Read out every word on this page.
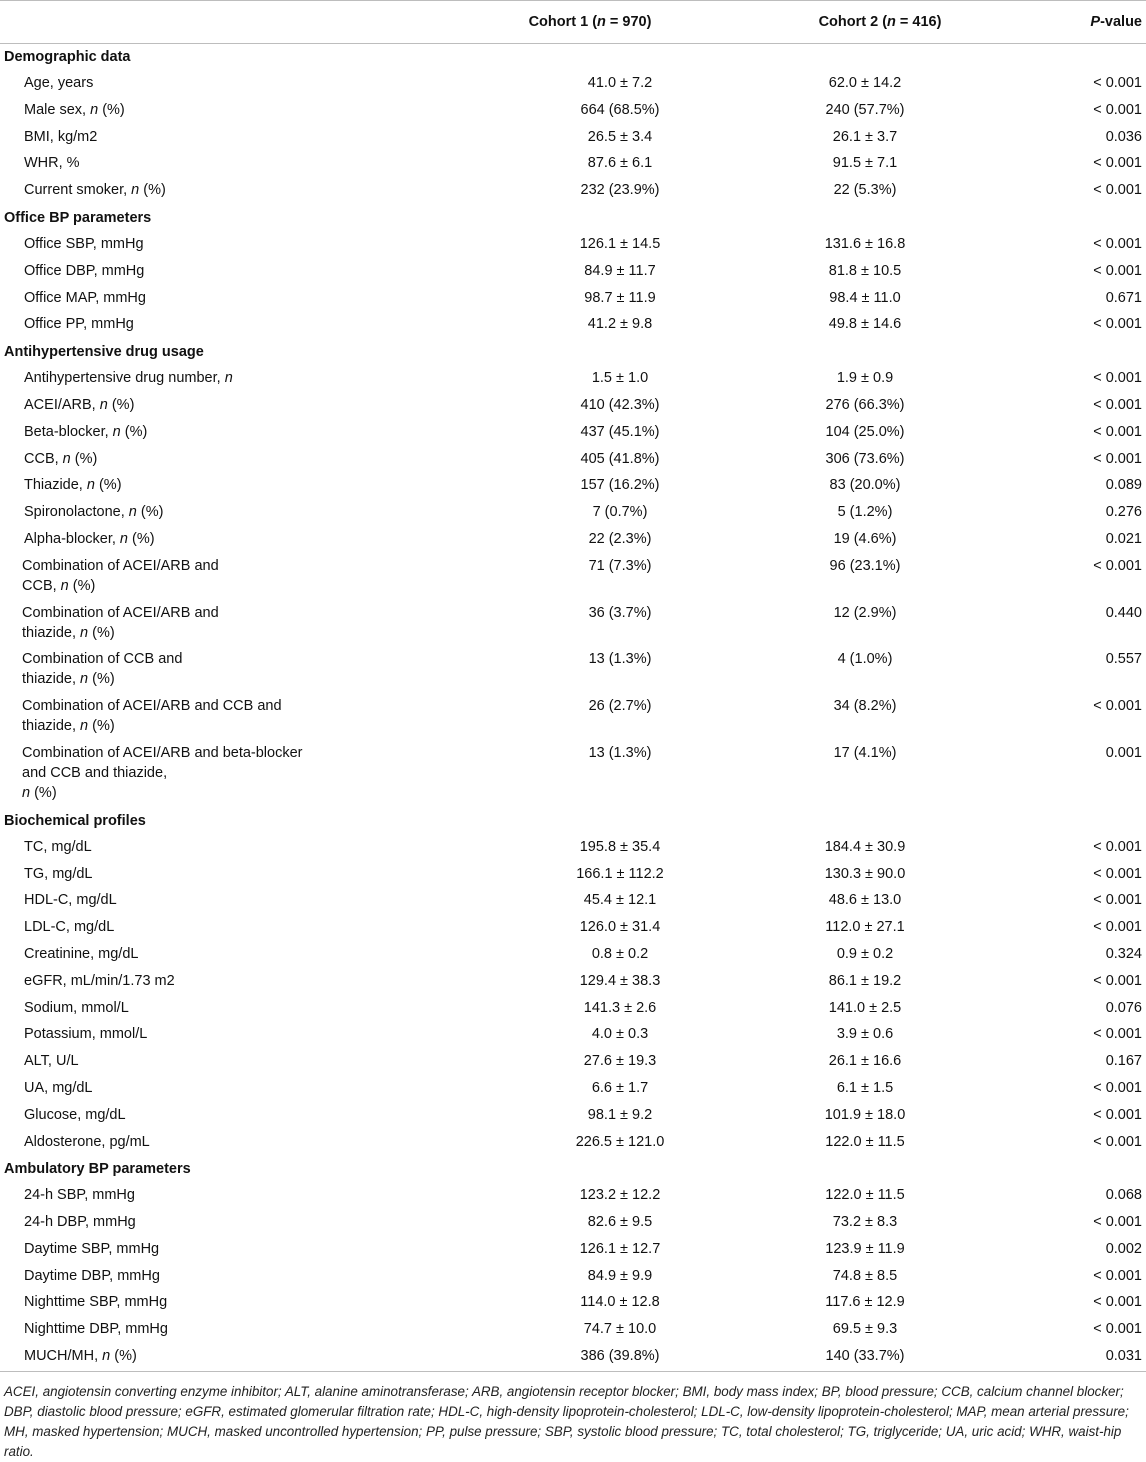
	Cohort 1 (n = 970)	Cohort 2 (n = 416)	P-value
Demographic data			
Age, years	41.0 ± 7.2	62.0 ± 14.2	< 0.001
Male sex, n (%)	664 (68.5%)	240 (57.7%)	< 0.001
BMI, kg/m2	26.5 ± 3.4	26.1 ± 3.7	0.036
WHR, %	87.6 ± 6.1	91.5 ± 7.1	< 0.001
Current smoker, n (%)	232 (23.9%)	22 (5.3%)	< 0.001
Office BP parameters			
Office SBP, mmHg	126.1 ± 14.5	131.6 ± 16.8	< 0.001
Office DBP, mmHg	84.9 ± 11.7	81.8 ± 10.5	< 0.001
Office MAP, mmHg	98.7 ± 11.9	98.4 ± 11.0	0.671
Office PP, mmHg	41.2 ± 9.8	49.8 ± 14.6	< 0.001
Antihypertensive drug usage			
Antihypertensive drug number, n	1.5 ± 1.0	1.9 ± 0.9	< 0.001
ACEI/ARB, n (%)	410 (42.3%)	276 (66.3%)	< 0.001
Beta-blocker, n (%)	437 (45.1%)	104 (25.0%)	< 0.001
CCB, n (%)	405 (41.8%)	306 (73.6%)	< 0.001
Thiazide, n (%)	157 (16.2%)	83 (20.0%)	0.089
Spironolactone, n (%)	7 (0.7%)	5 (1.2%)	0.276
Alpha-blocker, n (%)	22 (2.3%)	19 (4.6%)	0.021
Combination of ACEI/ARB and
CCB, n (%)	71 (7.3%)	96 (23.1%)	< 0.001
Combination of ACEI/ARB and
thiazide, n (%)	36 (3.7%)	12 (2.9%)	0.440
Combination of CCB and
thiazide, n (%)	13 (1.3%)	4 (1.0%)	0.557
Combination of ACEI/ARB and CCB and
thiazide, n (%)	26 (2.7%)	34 (8.2%)	< 0.001
Combination of ACEI/ARB and beta-blocker
and CCB and thiazide,
n (%)	13 (1.3%)	17 (4.1%)	0.001
Biochemical profiles			
TC, mg/dL	195.8 ± 35.4	184.4 ± 30.9	< 0.001
TG, mg/dL	166.1 ± 112.2	130.3 ± 90.0	< 0.001
HDL-C, mg/dL	45.4 ± 12.1	48.6 ± 13.0	< 0.001
LDL-C, mg/dL	126.0 ± 31.4	112.0 ± 27.1	< 0.001
Creatinine, mg/dL	0.8 ± 0.2	0.9 ± 0.2	0.324
eGFR, mL/min/1.73 m2	129.4 ± 38.3	86.1 ± 19.2	< 0.001
Sodium, mmol/L	141.3 ± 2.6	141.0 ± 2.5	0.076
Potassium, mmol/L	4.0 ± 0.3	3.9 ± 0.6	< 0.001
ALT, U/L	27.6 ± 19.3	26.1 ± 16.6	0.167
UA, mg/dL	6.6 ± 1.7	6.1 ± 1.5	< 0.001
Glucose, mg/dL	98.1 ± 9.2	101.9 ± 18.0	< 0.001
Aldosterone, pg/mL	226.5 ± 121.0	122.0 ± 11.5	< 0.001
Ambulatory BP parameters			
24-h SBP, mmHg	123.2 ± 12.2	122.0 ± 11.5	0.068
24-h DBP, mmHg	82.6 ± 9.5	73.2 ± 8.3	< 0.001
Daytime SBP, mmHg	126.1 ± 12.7	123.9 ± 11.9	0.002
Daytime DBP, mmHg	84.9 ± 9.9	74.8 ± 8.5	< 0.001
Nighttime SBP, mmHg	114.0 ± 12.8	117.6 ± 12.9	< 0.001
Nighttime DBP, mmHg	74.7 ± 10.0	69.5 ± 9.3	< 0.001
MUCH/MH, n (%)	386 (39.8%)	140 (33.7%)	0.031
ACEI, angiotensin converting enzyme inhibitor; ALT, alanine aminotransferase; ARB, angiotensin receptor blocker; BMI, body mass index; BP, blood pressure; CCB, calcium channel blocker; DBP, diastolic blood pressure; eGFR, estimated glomerular filtration rate; HDL-C, high-density lipoprotein-cholesterol; LDL-C, low-density lipoprotein-cholesterol; MAP, mean arterial pressure; MH, masked hypertension; MUCH, masked uncontrolled hypertension; PP, pulse pressure; SBP, systolic blood pressure; TC, total cholesterol; TG, triglyceride; UA, uric acid; WHR, waist-hip ratio.
